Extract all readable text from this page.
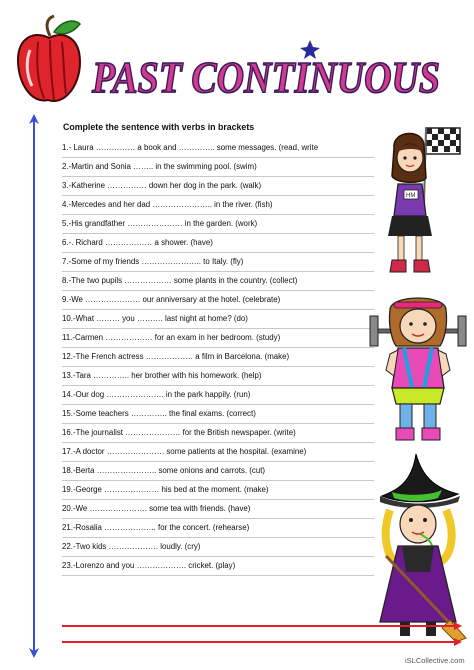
PAST CONTINUOUS
Complete the sentence with verbs in brackets
1.- Laura …………… a book and ………….. some messages. (read, write
2.-Martin and Sonia …….. in the swimming pool. (swim)
3.-Katherine …………… down her dog in the park. (walk)
4.-Mercedes and her dad ………………….. in the river. (fish)
5.-His grandfather ………………… in the garden. (work)
6.-. Richard ……………… a shower. (have)
7.-Some of my friends ………………….. to Italy. (fly)
8.-The two pupils ……………… some plants in the country. (collect)
9.-We ………………… our anniversary at the hotel. (celebrate)
10.-What ……… you ………. last night at home? (do)
11.-Carmen ……………… for an exam in her bedroom. (study)
12.-The French actress ……………… a film in Barcelona. (make)
13.-Tara ………….. her brother with his homework. (help)
14.-Our dog …………………. in the park happily. (run)
15.-Some teachers ………….. the final exams. (correct)
16.-The journalist ………………… for the British newspaper. (write)
17.-A doctor …………………. some patients at the hospital. (examine)
18.-Berta ………………….. some onions and carrots. (cut)
19.-George ………………… his bed at the moment. (make)
20.-We …………………. some tea with friends. (have)
21.-Rosalia ……………….. for the concert. (rehearse)
22.-Two kids ………………. loudly. (cry)
23.-Lorenzo and you ………………. cricket. (play)
HM
iSLCollective.com
